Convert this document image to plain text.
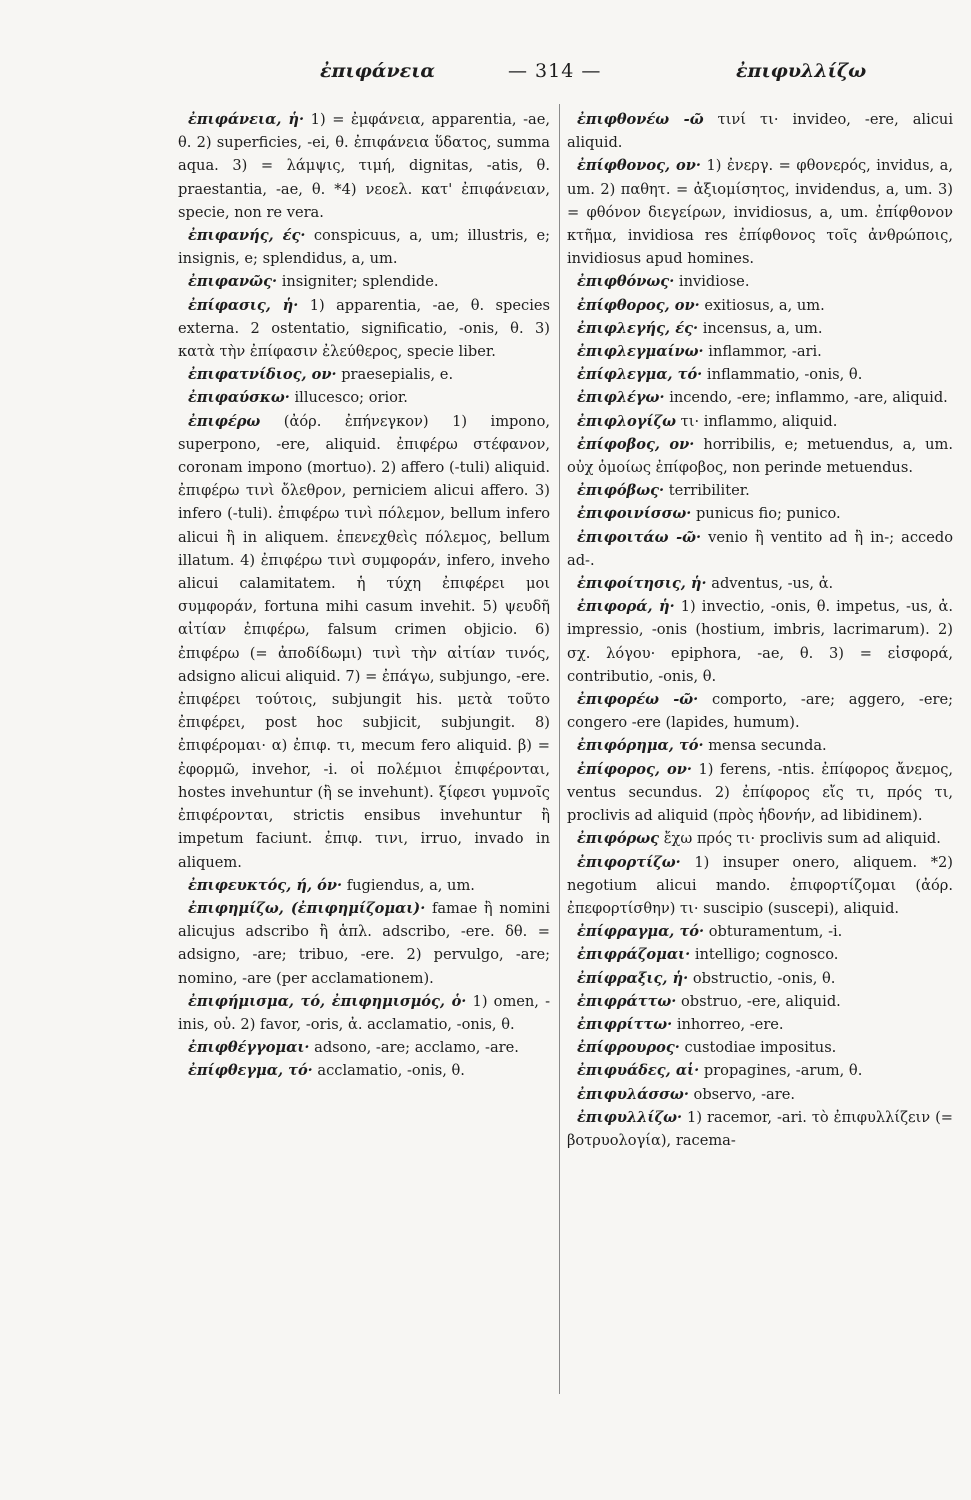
ἐπιφάνεια	— 314 —	ἐπιφυλλίζω

ἐπιφάνεια, ἡ· 1) = ἐμφάνεια, apparentia, -ae, θ. 2) superficies, -ei, θ. ἐπιφάνεια ὕδατος, summa aqua. 3) = λάμψις, τιμή, dignitas, -atis, θ. praestantia, -ae, θ. *4) νεοελ. κατ' ἐπιφάνειαν, specie, non re vera.

ἐπιφανής, ές· conspicuus, a, um; illustris, e; insignis, e; splendidus, a, um.

ἐπιφανῶς· insigniter; splendide.

ἐπίφασις, ἡ· 1) apparentia, -ae, θ. species externa. 2 ostentatio, significatio, -onis, θ. 3) κατὰ τὴν ἐπίφασιν ἐλεύθερος, specie liber.

ἐπιφατνίδιος, ον· praesepialis, e.

ἐπιφαύσκω· illucesco; orior.

ἐπιφέρω (ἀόρ. ἐπήνεγκον) 1) impono, superpono, -ere, aliquid. ἐπιφέρω στέφανον, coronam impono (mortuo). 2) affero (-tuli) aliquid. ἐπιφέρω τινὶ ὄλεθρον, perniciem alicui affero. 3) infero (-tuli). ἐπιφέρω τινὶ πόλεμον, bellum infero alicui ἢ in aliquem. ἐπενεχθεὶς πόλεμος, bellum illatum. 4) ἐπιφέρω τινὶ συμφοράν, infero, inveho alicui calamitatem. ἡ τύχη ἐπιφέρει μοι συμφοράν, fortuna mihi casum invehit. 5) ψευδῆ αἰτίαν ἐπιφέρω, falsum crimen objicio. 6) ἐπιφέρω (= ἀποδίδωμι) τινὶ τὴν αἰτίαν τινός, adsigno alicui aliquid. 7) = ἐπάγω, subjungo, -ere. ἐπιφέρει τούτοις, subjungit his. μετὰ τοῦτο ἐπιφέρει, post hoc subjicit, subjungit. 8) ἐπιφέρομαι· α) ἐπιφ. τι, mecum fero aliquid. β) = ἐφορμῶ, invehor, -i. οἱ πολέμιοι ἐπιφέρονται, hostes invehuntur (ἢ se invehunt). ξίφεσι γυμνοῖς ἐπιφέρονται, strictis ensibus invehuntur ἢ impetum faciunt. ἐπιφ. τινι, irruo, invado in aliquem.

ἐπιφευκτός, ή, όν· fugiendus, a, um.

ἐπιφημίζω, (ἐπιφημίζομαι)· famae ἢ nomini alicujus adscribo ἢ ἁπλ. adscribo, -ere. δθ. = adsigno, -are; tribuo, -ere. 2) pervulgo, -are; nomino, -are (per acclamationem).

ἐπιφήμισμα, τό, ἐπιφημισμός, ὁ· 1) omen, -inis, οὐ. 2) favor, -oris, ἀ. acclamatio, -onis, θ.

ἐπιφθέγγομαι· adsono, -are; acclamo, -are.

ἐπίφθεγμα, τό· acclamatio, -onis, θ.

ἐπιφθονέω -ῶ τινί τι· invideo, -ere, alicui aliquid.

ἐπίφθονος, ον· 1) ἐνεργ. = φθονερός, invidus, a, um. 2) παθητ. = ἀξιομίσητος, invidendus, a, um. 3) = φθόνον διεγείρων, invidiosus, a, um. ἐπίφθονον κτῆμα, invidiosa res ἐπίφθονος τοῖς ἀνθρώποις, invidiosus apud homines.

ἐπιφθόνως· invidiose.

ἐπίφθορος, ον· exitiosus, a, um.

ἐπιφλεγής, ές· incensus, a, um.

ἐπιφλεγμαίνω· inflammor, -ari.

ἐπίφλεγμα, τό· inflammatio, -onis, θ.

ἐπιφλέγω· incendo, -ere; inflammo, -are, aliquid.

ἐπιφλογίζω τι· inflammo, aliquid.

ἐπίφοβος, ον· horribilis, e; metuendus, a, um. οὐχ ὁμοίως ἐπίφοβος, non perinde metuendus.

ἐπιφόβως· terribiliter.

ἐπιφοινίσσω· punicus fio; punico.

ἐπιφοιτάω -ῶ· venio ἢ ventito ad ἢ in-; accedo ad-.

ἐπιφοίτησις, ἡ· adventus, -us, ἀ.

ἐπιφορά, ἡ· 1) invectio, -onis, θ. impetus, -us, ἀ. impressio, -onis (hostium, imbris, lacrimarum). 2) σχ. λόγου· epiphora, -ae, θ. 3) = εἰσφορά, contributio, -onis, θ.

ἐπιφορέω -ῶ· comporto, -are; aggero, -ere; congero -ere (lapides, humum).

ἐπιφόρημα, τό· mensa secunda.

ἐπίφορος, ον· 1) ferens, -ntis. ἐπίφορος ἄνεμος, ventus secundus. 2) ἐπίφορος εἴς τι, πρός τι, proclivis ad aliquid (πρὸς ἡδονήν, ad libidinem).

ἐπιφόρως ἔχω πρός τι· proclivis sum ad aliquid.

ἐπιφορτίζω· 1) insuper onero, aliquem. *2) negotium alicui mando. ἐπιφορτίζομαι (ἀόρ. ἐπεφορτίσθην) τι· suscipio (suscepi), aliquid.

ἐπίφραγμα, τό· obturamentum, -i.

ἐπιφράζομαι· intelligo; cognosco.

ἐπίφραξις, ἡ· obstructio, -onis, θ.

ἐπιφράττω· obstruo, -ere, aliquid.

ἐπιφρίττω· inhorreo, -ere.

ἐπίφρουρος· custodiae impositus.

ἐπιφυάδες, αἱ· propagines, -arum, θ.

ἐπιφυλάσσω· observo, -are.

ἐπιφυλλίζω· 1) racemor, -ari. τὸ ἐπιφυλλίζειν (= βοτρυολογία), racema-
